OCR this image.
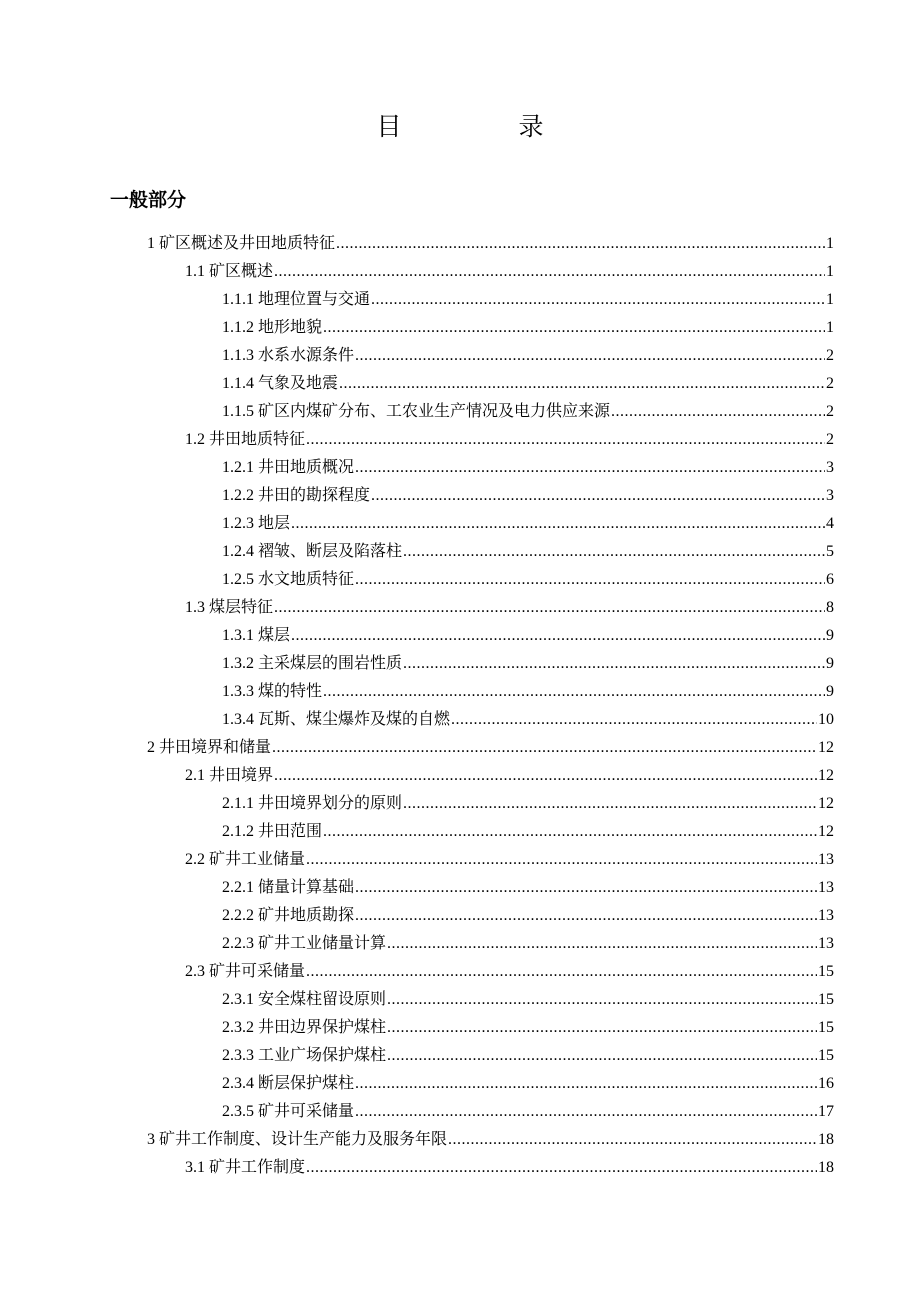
目　录
一般部分
1 矿区概述及井田地质特征 .....	1
1.1 矿区概述 .....	1
1.1.1 地理位置与交通 .....	1
1.1.2 地形地貌 .....	1
1.1.3 水系水源条件 .....	2
1.1.4 气象及地震 .....	2
1.1.5 矿区内煤矿分布、工农业生产情况及电力供应来源 .....	2
1.2 井田地质特征 .....	2
1.2.1 井田地质概况 .....	3
1.2.2 井田的勘探程度 .....	3
1.2.3 地层 .....	4
1.2.4 褶皱、断层及陷落柱 .....	5
1.2.5 水文地质特征 .....	6
1.3 煤层特征 .....	8
1.3.1 煤层 .....	9
1.3.2 主采煤层的围岩性质 .....	9
1.3.3 煤的特性 .....	9
1.3.4 瓦斯、煤尘爆炸及煤的自燃 .....	10
2 井田境界和储量 .....	12
2.1 井田境界 .....	12
2.1.1 井田境界划分的原则 .....	12
2.1.2 井田范围 .....	12
2.2 矿井工业储量 .....	13
2.2.1 储量计算基础 .....	13
2.2.2 矿井地质勘探 .....	13
2.2.3 矿井工业储量计算 .....	13
2.3 矿井可采储量 .....	15
2.3.1 安全煤柱留设原则 .....	15
2.3.2 井田边界保护煤柱 .....	15
2.3.3 工业广场保护煤柱 .....	15
2.3.4 断层保护煤柱 .....	16
2.3.5 矿井可采储量 .....	17
3 矿井工作制度、设计生产能力及服务年限 .....	18
3.1 矿井工作制度 .....	18
